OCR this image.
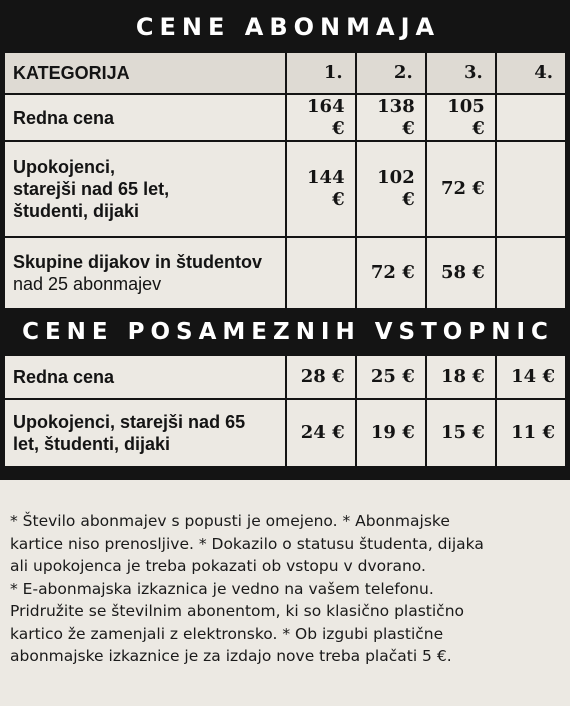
CENE ABONMAJA
KATEGORIJA	1.	2.	3.	4.

Redna cena	164 €	138 €	105 €	

Upokojenci,
starejši nad 65 let,
študenti, dijaki	144 €	102 €	72 €	

Skupine dijakov in študentov
nad 25 abonmajev		72 €	58 €	
CENE POSAMEZNIH VSTOPNIC
Redna cena	28 €	25 €	18 €	14 €

Upokojenci, starejši nad 65
let, študenti, dijaki	24 €	19 €	15 €	11 €
* Število abonmajev s popusti je omejeno. * Abonmajske
kartice niso prenosljive. * Dokazilo o statusu študenta, dijaka
ali upokojenca je treba pokazati ob vstopu v dvorano.
* E-abonmajska izkaznica je vedno na vašem telefonu.
Pridružite se številnim abonentom, ki so klasično plastično
kartico že zamenjali z elektronsko. * Ob izgubi plastične
abonmajske izkaznice je za izdajo nove treba plačati 5 €.
